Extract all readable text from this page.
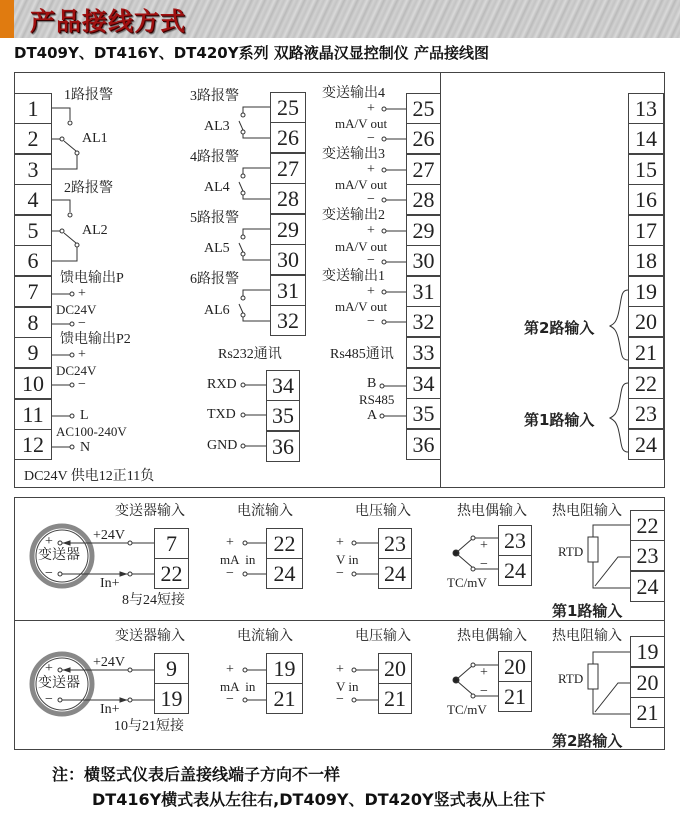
产品接线方式
DT409Y、DT416Y、DT420Y系列 双路液晶汉显控制仪 产品接线图
1
2
3
4
5
6
7
8
9
10
11
12
1路报警
AL1
2路报警
AL2
馈电输出P
+
DC24V
−
馈电输出P2
+
DC24V
−
L
AC100-240V
N
DC24V 供电12正11负
25
26
27
28
29
30
31
32
3路报警
AL3
4路报警
AL4
5路报警
AL5
6路报警
AL6
Rs232通讯
34
35
36
RXD
TXD
GND
25
26
27
28
29
30
31
32
33
34
35
36
变送输出4
+
mA/V out
−
变送输出3
+
mA/V out
−
变送输出2
+
mA/V out
−
变送输出1
+
mA/V out
−
Rs485通讯
B
RS485
A
13
14
15
16
17
18
19
20
21
22
23
24
第2路输入
第1路输入
变送器输入
变送器
+
−
+24V
In+
8与24短接
7
22
电流输入
+
mA  in
−
22
24
电压输入
+
V in
−
23
24
热电偶输入
+
−
TC/mV
23
24
热电阻输入
RTD
22
23
24
第1路输入
变送器输入
变送器
+
−
+24V
In+
10与21短接
9
19
电流输入
+
mA  in
−
19
21
电压输入
+
V in
−
20
21
热电偶输入
+
−
TC/mV
20
21
热电阻输入
RTD
19
20
21
第2路输入
注：横竖式仪表后盖接线端子方向不一样
DT416Y横式表从左往右,DT409Y、DT420Y竖式表从上往下
